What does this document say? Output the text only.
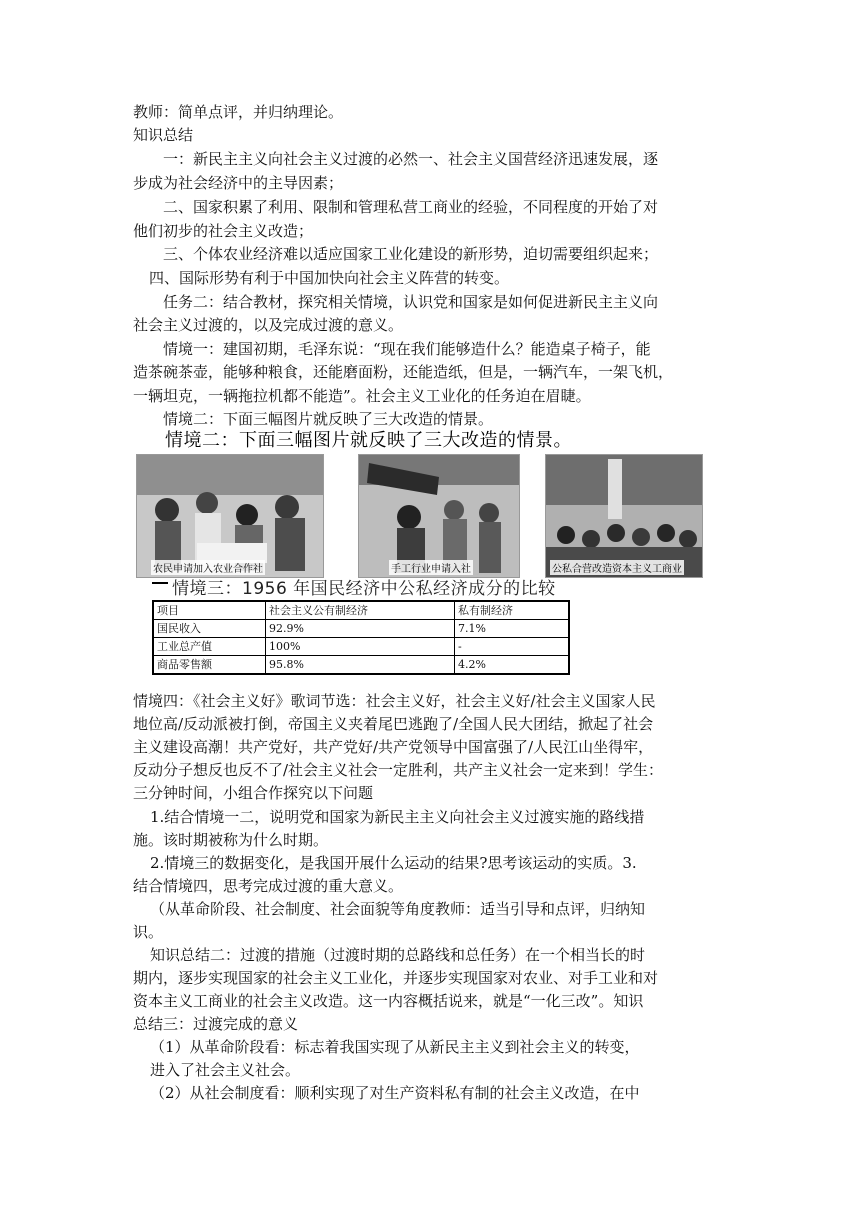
教师：简单点评，并归纳理论。
知识总结
一：新民主主义向社会主义过渡的必然一、社会主义国营经济迅速发展，逐
步成为社会经济中的主导因素；
二、国家积累了利用、限制和管理私营工商业的经验，不同程度的开始了对
他们初步的社会主义改造；
三、个体农业经济难以适应国家工业化建设的新形势，迫切需要组织起来；
四、国际形势有利于中国加快向社会主义阵营的转变。
任务二：结合教材，探究相关情境，认识党和国家是如何促进新民主主义向
社会主义过渡的，以及完成过渡的意义。
情境一：建国初期，毛泽东说：“现在我们能够造什么？能造桌子椅子，能
造茶碗茶壶，能够种粮食，还能磨面粉，还能造纸，但是，一辆汽车，一架飞机，
一辆坦克，一辆拖拉机都不能造”。社会主义工业化的任务迫在眉睫。
情境二：下面三幅图片就反映了三大改造的情景。
情境二：下面三幅图片就反映了三大改造的情景。
农民申请加入农业合作社	手工行业申请入社	公私合营改造资本主义工商业
情境三：1956 年国民经济中公私经济成分的比较
项目	社会主义公有制经济	私有制经济
国民收入	92.9%	7.1%
工业总产值	100%	-
商品零售额	95.8%	4.2%
情境四：《社会主义好》歌词节选：社会主义好，社会主义好/社会主义国家人民
地位高/反动派被打倒，帝国主义夹着尾巴逃跑了/全国人民大团结，掀起了社会
主义建设高潮！共产党好，共产党好/共产党领导中国富强了/人民江山坐得牢，
反动分子想反也反不了/社会主义社会一定胜利，共产主义社会一定来到！学生：
三分钟时间，小组合作探究以下问题
1.结合情境一二，说明党和国家为新民主主义向社会主义过渡实施的路线措
施。该时期被称为什么时期。
2.情境三的数据变化，是我国开展什么运动的结果?思考该运动的实质。3.
结合情境四，思考完成过渡的重大意义。
（从革命阶段、社会制度、社会面貌等角度教师：适当引导和点评，归纳知
识。
知识总结二：过渡的措施（过渡时期的总路线和总任务）在一个相当长的时
期内，逐步实现国家的社会主义工业化，并逐步实现国家对农业、对手工业和对
资本主义工商业的社会主义改造。这一内容概括说来，就是“一化三改”。知识
总结三：过渡完成的意义
（1）从革命阶段看：标志着我国实现了从新民主主义到社会主义的转变，
进入了社会主义社会。
（2）从社会制度看：顺利实现了对生产资料私有制的社会主义改造，在中
